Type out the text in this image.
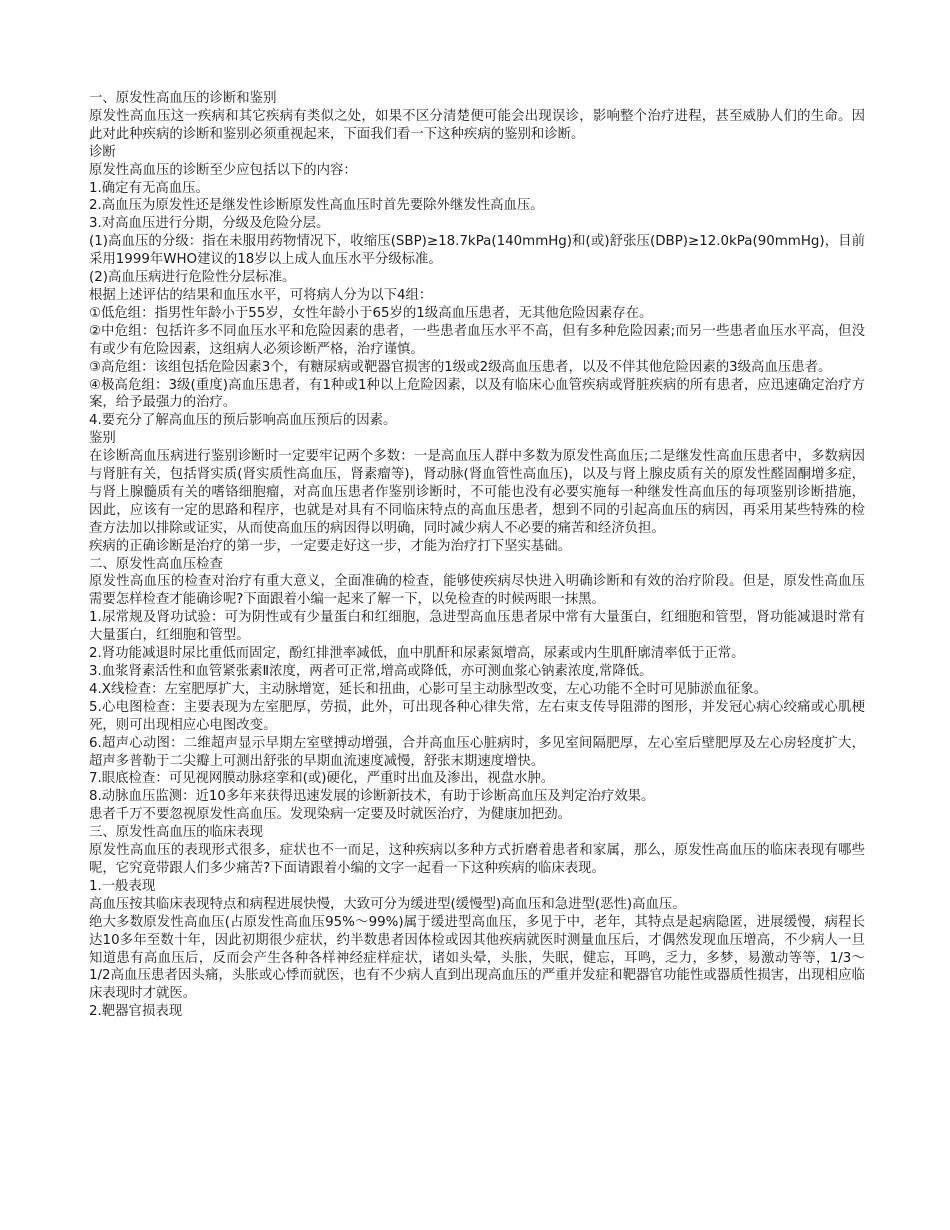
一、原发性高血压的诊断和鉴别

原发性高血压这一疾病和其它疾病有类似之处，如果不区分清楚便可能会出现误诊，影响整个治疗进程，甚至威胁人们的生命。因此对此种疾病的诊断和鉴别必须重视起来，下面我们看一下这种疾病的鉴别和诊断。

诊断

原发性高血压的诊断至少应包括以下的内容：

1.确定有无高血压。

2.高血压为原发性还是继发性诊断原发性高血压时首先要除外继发性高血压。

3.对高血压进行分期，分级及危险分层。

(1)高血压的分级：指在未服用药物情况下，收缩压(SBP)≥18.7kPa(140mmHg)和(或)舒张压(DBP)≥12.0kPa(90mmHg)，目前采用1999年WHO建议的18岁以上成人血压水平分级标准。

(2)高血压病进行危险性分层标准。

根据上述评估的结果和血压水平，可将病人分为以下4组：

①低危组：指男性年龄小于55岁，女性年龄小于65岁的1级高血压患者，无其他危险因素存在。

②中危组：包括许多不同血压水平和危险因素的患者，一些患者血压水平不高，但有多种危险因素;而另一些患者血压水平高，但没有或少有危险因素，这组病人必须诊断严格，治疗谨慎。

③高危组：该组包括危险因素3个，有糖尿病或靶器官损害的1级或2级高血压患者，以及不伴其他危险因素的3级高血压患者。

④极高危组：3级(重度)高血压患者，有1种或1种以上危险因素，以及有临床心血管疾病或肾脏疾病的所有患者，应迅速确定治疗方案，给予最强力的治疗。

4.要充分了解高血压的预后影响高血压预后的因素。

鉴别

在诊断高血压病进行鉴别诊断时一定要牢记两个多数：一是高血压人群中多数为原发性高血压;二是继发性高血压患者中，多数病因与肾脏有关，包括肾实质(肾实质性高血压，肾素瘤等)，肾动脉(肾血管性高血压)，以及与肾上腺皮质有关的原发性醛固酮增多症，与肾上腺髓质有关的嗜铬细胞瘤，对高血压患者作鉴别诊断时，不可能也没有必要实施每一种继发性高血压的每项鉴别诊断措施，因此，应该有一定的思路和程序，也就是对具有不同临床特点的高血压患者，想到不同的引起高血压的病因，再采用某些特殊的检查方法加以排除或证实，从而使高血压的病因得以明确，同时减少病人不必要的痛苦和经济负担。

疾病的正确诊断是治疗的第一步，一定要走好这一步，才能为治疗打下坚实基础。

二、原发性高血压检查

原发性高血压的检查对治疗有重大意义，全面准确的检查，能够使疾病尽快进入明确诊断和有效的治疗阶段。但是，原发性高血压需要怎样检查才能确诊呢?下面跟着小编一起来了解一下，以免检查的时候两眼一抹黑。

1.尿常规及肾功试验：可为阴性或有少量蛋白和红细胞，急进型高血压患者尿中常有大量蛋白，红细胞和管型，肾功能减退时常有大量蛋白，红细胞和管型。

2.肾功能减退时尿比重低而固定，酚红排泄率减低，血中肌酐和尿素氮增高，尿素或内生肌酐廓清率低于正常。

3.血浆肾素活性和血管紧张素Ⅱ浓度，两者可正常,增高或降低，亦可测血浆心钠素浓度,常降低。

4.X线检查：左室肥厚扩大，主动脉增宽，延长和扭曲，心影可呈主动脉型改变，左心功能不全时可见肺淤血征象。

5.心电图检查：主要表现为左室肥厚，劳损，此外，可出现各种心律失常，左右束支传导阻滞的图形，并发冠心病心绞痛或心肌梗死，则可出现相应心电图改变。

6.超声心动图：二维超声显示早期左室壁搏动增强，合并高血压心脏病时，多见室间隔肥厚，左心室后壁肥厚及左心房轻度扩大，超声多普勒于二尖瓣上可测出舒张的早期血流速度减慢，舒张末期速度增快。

7.眼底检查：可见视网膜动脉痉挛和(或)硬化，严重时出血及渗出，视盘水肿。

8.动脉血压监测：近10多年来获得迅速发展的诊断新技术，有助于诊断高血压及判定治疗效果。

患者千万不要忽视原发性高血压。发现染病一定要及时就医治疗，为健康加把劲。

三、原发性高血压的临床表现

原发性高血压的表现形式很多，症状也不一而足，这种疾病以多种方式折磨着患者和家属，那么，原发性高血压的临床表现有哪些呢，它究竟带跟人们多少痛苦?下面请跟着小编的文字一起看一下这种疾病的临床表现。

1.一般表现

高血压按其临床表现特点和病程进展快慢，大致可分为缓进型(缓慢型)高血压和急进型(恶性)高血压。

绝大多数原发性高血压(占原发性高血压95%～99%)属于缓进型高血压，多见于中，老年，其特点是起病隐匿，进展缓慢，病程长达10多年至数十年，因此初期很少症状，约半数患者因体检或因其他疾病就医时测量血压后，才偶然发现血压增高，不少病人一旦知道患有高血压后，反而会产生各种各样神经症样症状，诸如头晕，头胀，失眠，健忘，耳鸣，乏力，多梦，易激动等等，1/3～1/2高血压患者因头痛，头胀或心悸而就医，也有不少病人直到出现高血压的严重并发症和靶器官功能性或器质性损害，出现相应临床表现时才就医。

2.靶器官损表现
